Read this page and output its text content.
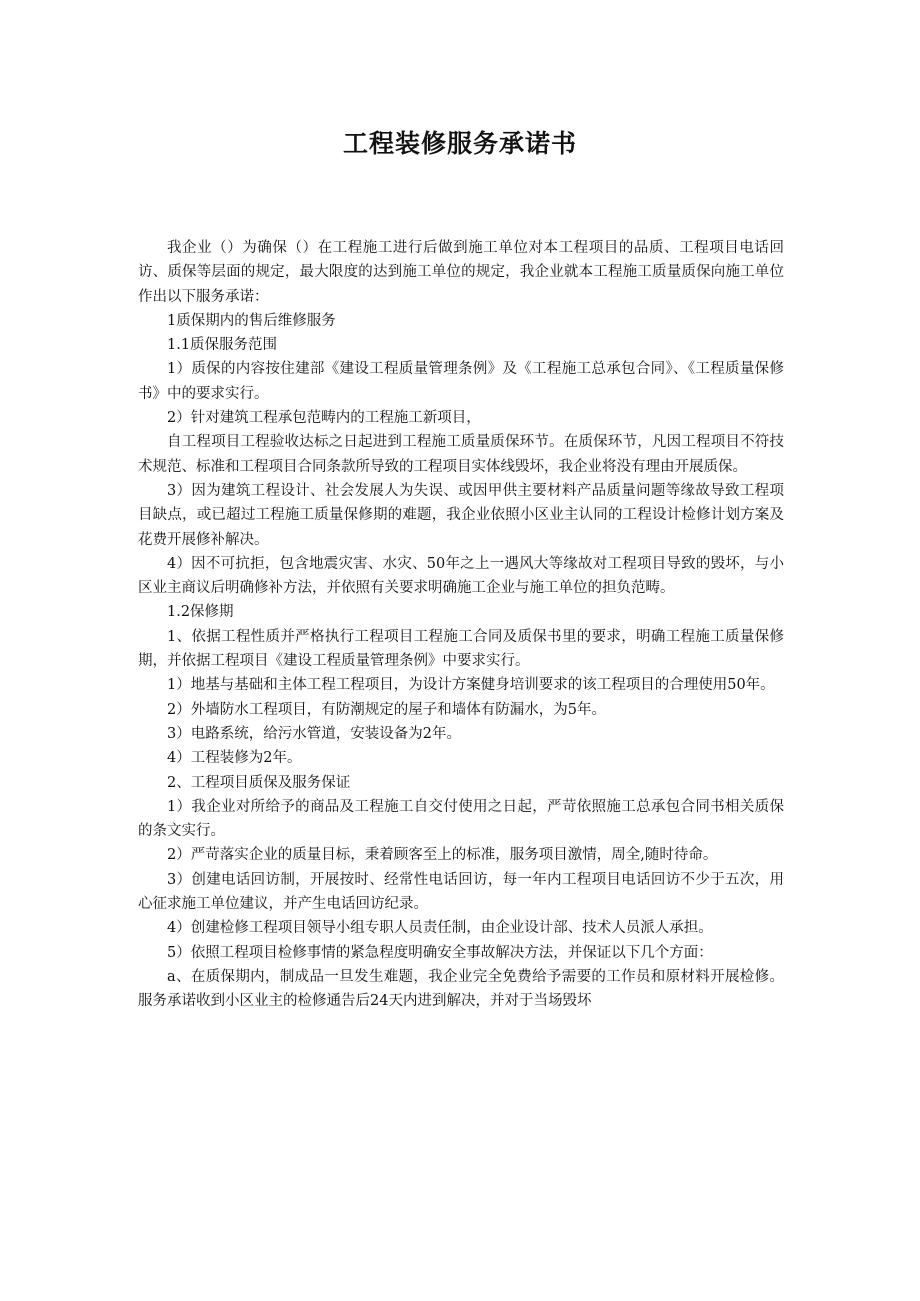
工程装修服务承诺书

我企业（）为确保（）在工程施工进行后做到施工单位对本工程项目的品质、工程项目电话回访、质保等层面的规定，最大限度的达到施工单位的规定，我企业就本工程施工质量质保向施工单位作出以下服务承诺：

1质保期内的售后维修服务

1.1质保服务范围

1）质保的内容按住建部《建设工程质量管理条例》及《工程施工总承包合同》、《工程质量保修书》中的要求实行。

2）针对建筑工程承包范畴内的工程施工新项目，

自工程项目工程验收达标之日起进到工程施工质量质保环节。在质保环节，凡因工程项目不符技术规范、标准和工程项目合同条款所导致的工程项目实体线毁坏，我企业将没有理由开展质保。

3）因为建筑工程设计、社会发展人为失误、或因甲供主要材料产品质量问题等缘故导致工程项目缺点，或已超过工程施工质量保修期的难题，我企业依照小区业主认同的工程设计检修计划方案及花费开展修补解决。

4）因不可抗拒，包含地震灾害、水灾、50年之上一遇风大等缘故对工程项目导致的毁坏，与小区业主商议后明确修补方法，并依照有关要求明确施工企业与施工单位的担负范畴。

1.2保修期

1、依据工程性质并严格执行工程项目工程施工合同及质保书里的要求，明确工程施工质量保修期，并依据工程项目《建设工程质量管理条例》中要求实行。

1）地基与基础和主体工程工程项目，为设计方案健身培训要求的该工程项目的合理使用50年。

2）外墙防水工程项目，有防潮规定的屋子和墙体有防漏水，为5年。

3）电路系统，给污水管道，安装设备为2年。

4）工程装修为2年。

2、工程项目质保及服务保证

1）我企业对所给予的商品及工程施工自交付使用之日起，严苛依照施工总承包合同书相关质保的条文实行。

2）严苛落实企业的质量目标，秉着顾客至上的标准，服务项目激情，周全,随时待命。

3）创建电话回访制，开展按时、经常性电话回访，每一年内工程项目电话回访不少于五次，用心征求施工单位建议，并产生电话回访纪录。

4）创建检修工程项目领导小组专职人员责任制，由企业设计部、技术人员派人承担。

5）依照工程项目检修事情的紧急程度明确安全事故解决方法，并保证以下几个方面：

a、在质保期内，制成品一旦发生难题，我企业完全免费给予需要的工作员和原材料开展检修。服务承诺收到小区业主的检修通告后24天内进到解决，并对于当场毁坏
